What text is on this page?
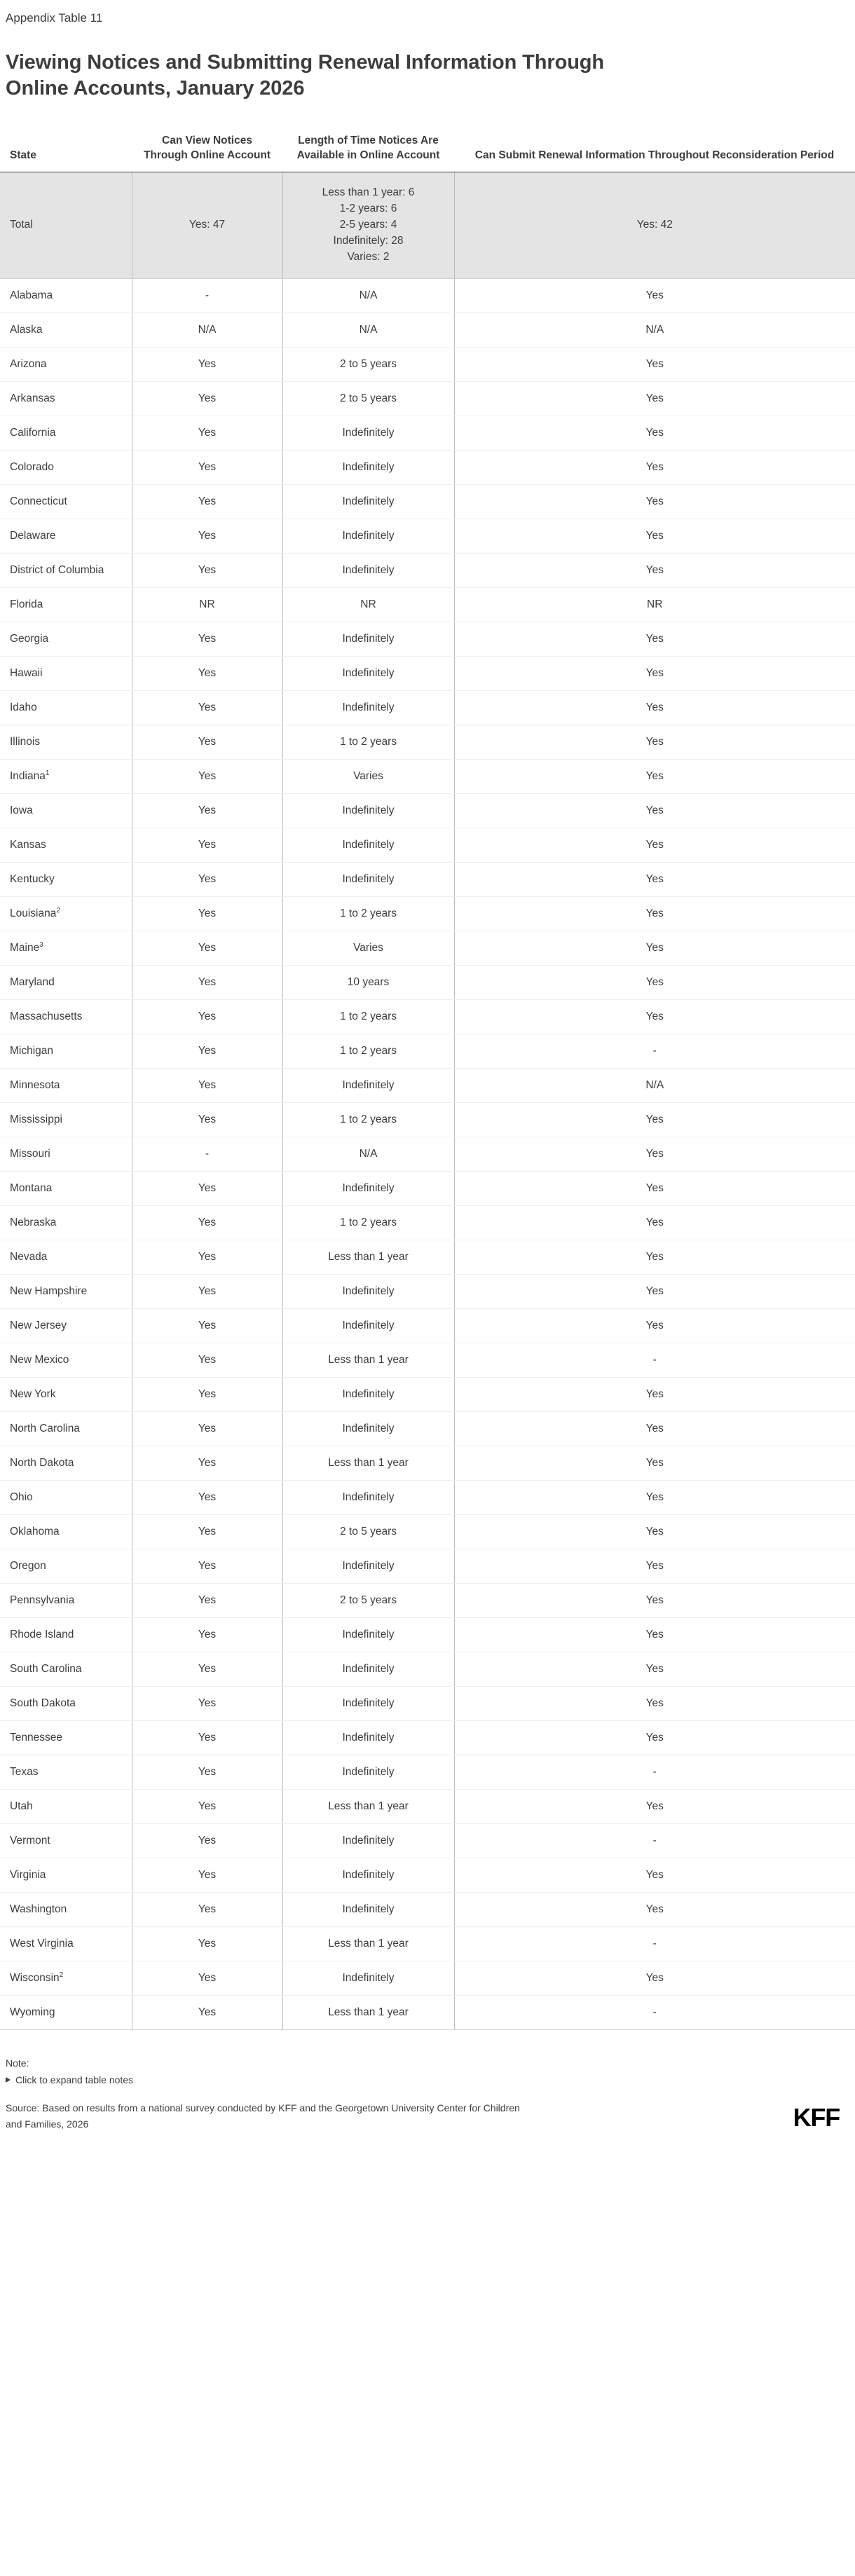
Appendix Table 11
Viewing Notices and Submitting Renewal Information Through Online Accounts, January 2026
State	Can View Notices Through Online Account	Length of Time Notices Are Available in Online Account	Can Submit Renewal Information Throughout Reconsideration Period
Total	Yes: 47	Less than 1 year: 6
1-2 years: 6
2-5 years: 4
Indefinitely: 28
Varies: 2	Yes: 42
Alabama	-	N/A	Yes
Alaska	N/A	N/A	N/A
Arizona	Yes	2 to 5 years	Yes
Arkansas	Yes	2 to 5 years	Yes
California	Yes	Indefinitely	Yes
Colorado	Yes	Indefinitely	Yes
Connecticut	Yes	Indefinitely	Yes
Delaware	Yes	Indefinitely	Yes
District of Columbia	Yes	Indefinitely	Yes
Florida	NR	NR	NR
Georgia	Yes	Indefinitely	Yes
Hawaii	Yes	Indefinitely	Yes
Idaho	Yes	Indefinitely	Yes
Illinois	Yes	1 to 2 years	Yes
Indiana$^1$	Yes	Varies	Yes
Iowa	Yes	Indefinitely	Yes
Kansas	Yes	Indefinitely	Yes
Kentucky	Yes	Indefinitely	Yes
Louisiana$^2$	Yes	1 to 2 years	Yes
Maine$^3$	Yes	Varies	Yes
Maryland	Yes	10 years	Yes
Massachusetts	Yes	1 to 2 years	Yes
Michigan	Yes	1 to 2 years	-
Minnesota	Yes	Indefinitely	N/A
Mississippi	Yes	1 to 2 years	Yes
Missouri	-	N/A	Yes
Montana	Yes	Indefinitely	Yes
Nebraska	Yes	1 to 2 years	Yes
Nevada	Yes	Less than 1 year	Yes
New Hampshire	Yes	Indefinitely	Yes
New Jersey	Yes	Indefinitely	Yes
New Mexico	Yes	Less than 1 year	-
New York	Yes	Indefinitely	Yes
North Carolina	Yes	Indefinitely	Yes
North Dakota	Yes	Less than 1 year	Yes
Ohio	Yes	Indefinitely	Yes
Oklahoma	Yes	2 to 5 years	Yes
Oregon	Yes	Indefinitely	Yes
Pennsylvania	Yes	2 to 5 years	Yes
Rhode Island	Yes	Indefinitely	Yes
South Carolina	Yes	Indefinitely	Yes
South Dakota	Yes	Indefinitely	Yes
Tennessee	Yes	Indefinitely	Yes
Texas	Yes	Indefinitely	-
Utah	Yes	Less than 1 year	Yes
Vermont	Yes	Indefinitely	-
Virginia	Yes	Indefinitely	Yes
Washington	Yes	Indefinitely	Yes
West Virginia	Yes	Less than 1 year	-
Wisconsin$^2$	Yes	Indefinitely	Yes
Wyoming	Yes	Less than 1 year	-
Note:
Click to expand table notes
Source: Based on results from a national survey conducted by KFF and the Georgetown University Center for Children and Families, 2026	KFF
